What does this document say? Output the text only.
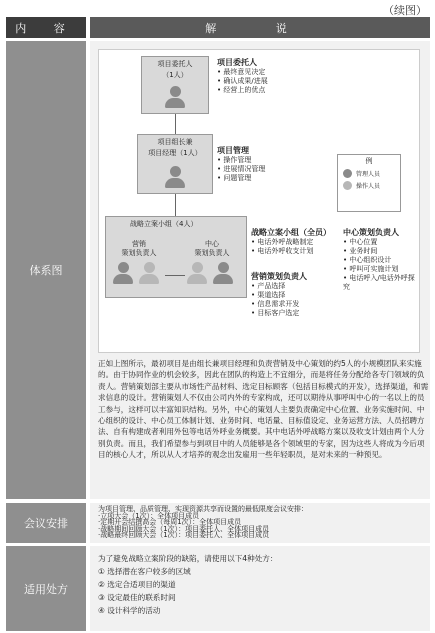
（续图）
内 容	解 说
体系图
项目委托人
（1人）
项目组长兼
项目经理（1人）
战略立案小组（4人）
营销
策划负责人
中心
策划负责人
项目委托人
• 最终意见决定
• 确认成果/进展
• 经营上的优点
项目管理
• 操作管理
• 进展情况管理
• 问题管理
例
管理人员
操作人员
战略立案小组（全员）
• 电话外呼战略制定
• 电话外呼收支计划
营销策划负责人
• 产品选择
• 渠道选择
• 信息需求开发
• 目标客户选定
中心策划负责人
• 中心位置
• 业务时间
• 中心组织设计
• 呼叫可实施计划
• 电话呼入/电话外呼探究
正如上图所示，最初项目是由组长兼项目经理和负责营销及中心策划的约5人的小规模团队来实施的。由于协同作业的机会较多，因此在团队的构造上不宜细分，而是将任务分配给各专门领域的负责人。营销策划部主要从市场性产品材料、选定目标顾客（包括目标模式的开发），选择渠道，和需求信息的设计。营销策划人不仅由公司内外的专家构成，还可以期待从事呼叫中心的一名以上的员工参与，这样可以丰富知识结构。另外，中心的策划人主要负责确定中心位置、业务实施时间、中心组织的设计、中心员工体制计划、业务时间、电话量、目标值设定、业务运营方法、人员招聘方法、自有构建成者利用外包等电话外呼业务概要。其中电话外呼战略方案以及收支计划由两个人分别负责。而且，我们希望参与到项目中的人员能够是各个领域里的专家，因为这些人将成为今后项目的核心人才，所以从人才培养的观念出发雇用一些年轻职员，是对未来的一种预见。
会议安排
为项目管理、品质管理、实现资源共享而设置的最低限度会议安排：
·立项大会（1次）：全体项目成员
·定期开会结撰高会（每周1次）：全体项目成员
·战略期间回顾大会（1次）：项目委托人、全体项目成员
·战略最终回顾大会（1次）：项目委托人、全体项目成员
适用处方
为了避免战略立案阶段的缺陷，请使用以下4种处方：
① 选择潜在客户较多的区域
② 选定合适项目的渠道
③ 设定最佳的联系时间
④ 设计科学的活动
